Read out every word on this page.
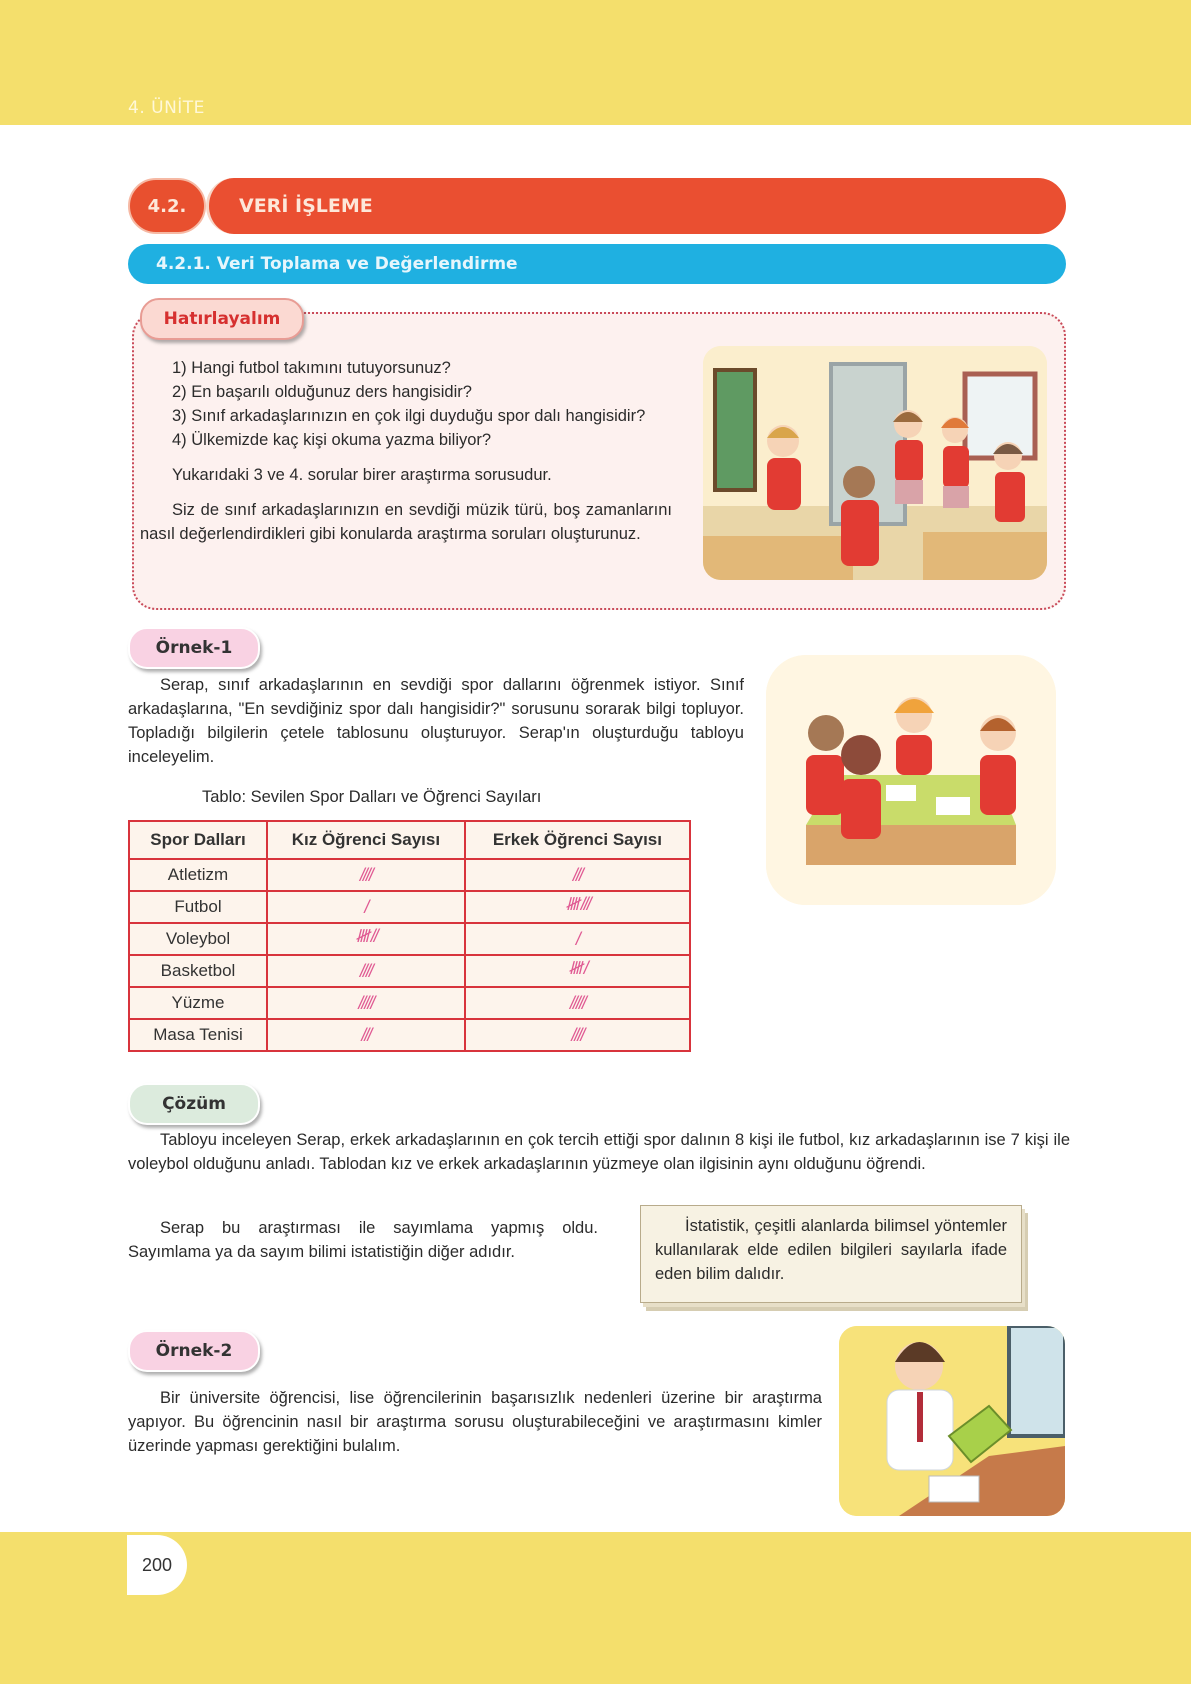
4. ÜNİTE
4.2.	VERİ İŞLEME
4.2.1. Veri Toplama ve Değerlendirme
Hatırlayalım

1) Hangi futbol takımını tutuyorsunuz?

2) En başarılı olduğunuz ders hangisidir?

3) Sınıf arkadaşlarınızın en çok ilgi duyduğu spor dalı hangisidir?

4) Ülkemizde kaç kişi okuma yazma biliyor?

Yukarıdaki 3 ve 4. sorular birer araştırma sorusudur.

Siz de sınıf arkadaşlarınızın en sevdiği müzik türü, boş zamanlarını nasıl değerlendirdikleri gibi konularda araştırma soruları oluşturunuz.

Örnek-1

Serap, sınıf arkadaşlarının en sevdiği spor dallarını öğrenmek istiyor. Sınıf arkadaşlarına, "En sevdiğiniz spor dalı hangisidir?" sorusunu sorarak bilgi topluyor. Topladığı bilgilerin çetele tablosunu oluşturuyor. Serap'ın oluşturduğu tabloyu inceleyelim.

Tablo: Sevilen Spor Dalları ve Öğrenci Sayıları
Spor Dalları	Kız Öğrenci Sayısı	Erkek Öğrenci Sayısı
Atletizm	////	///
Futbol	/	𝍸 ///
Voleybol	𝍸 //	/
Basketbol	////	𝍸 /
Yüzme	/////	/////
Masa Tenisi	///	////
Çözüm

Tabloyu inceleyen Serap, erkek arkadaşlarının en çok tercih ettiği spor dalının 8 kişi ile futbol, kız arkadaşlarının ise 7 kişi ile voleybol olduğunu anladı. Tablodan kız ve erkek arkadaşlarının yüzmeye olan ilgisinin aynı olduğunu öğrendi.

Serap bu araştırması ile sayımlama yapmış oldu. Sayımlama ya da sayım bilimi istatistiğin diğer adıdır.

İstatistik, çeşitli alanlarda bilimsel yöntemler kullanılarak elde edilen bilgileri sayılarla ifade eden bilim dalıdır.

Örnek-2

Bir üniversite öğrencisi, lise öğrencilerinin başarısızlık nedenleri üzerine bir araştırma yapıyor. Bu öğrencinin nasıl bir araştırma sorusu oluşturabileceğini ve araştırmasını kimler üzerinde yapması gerektiğini bulalım.

200
